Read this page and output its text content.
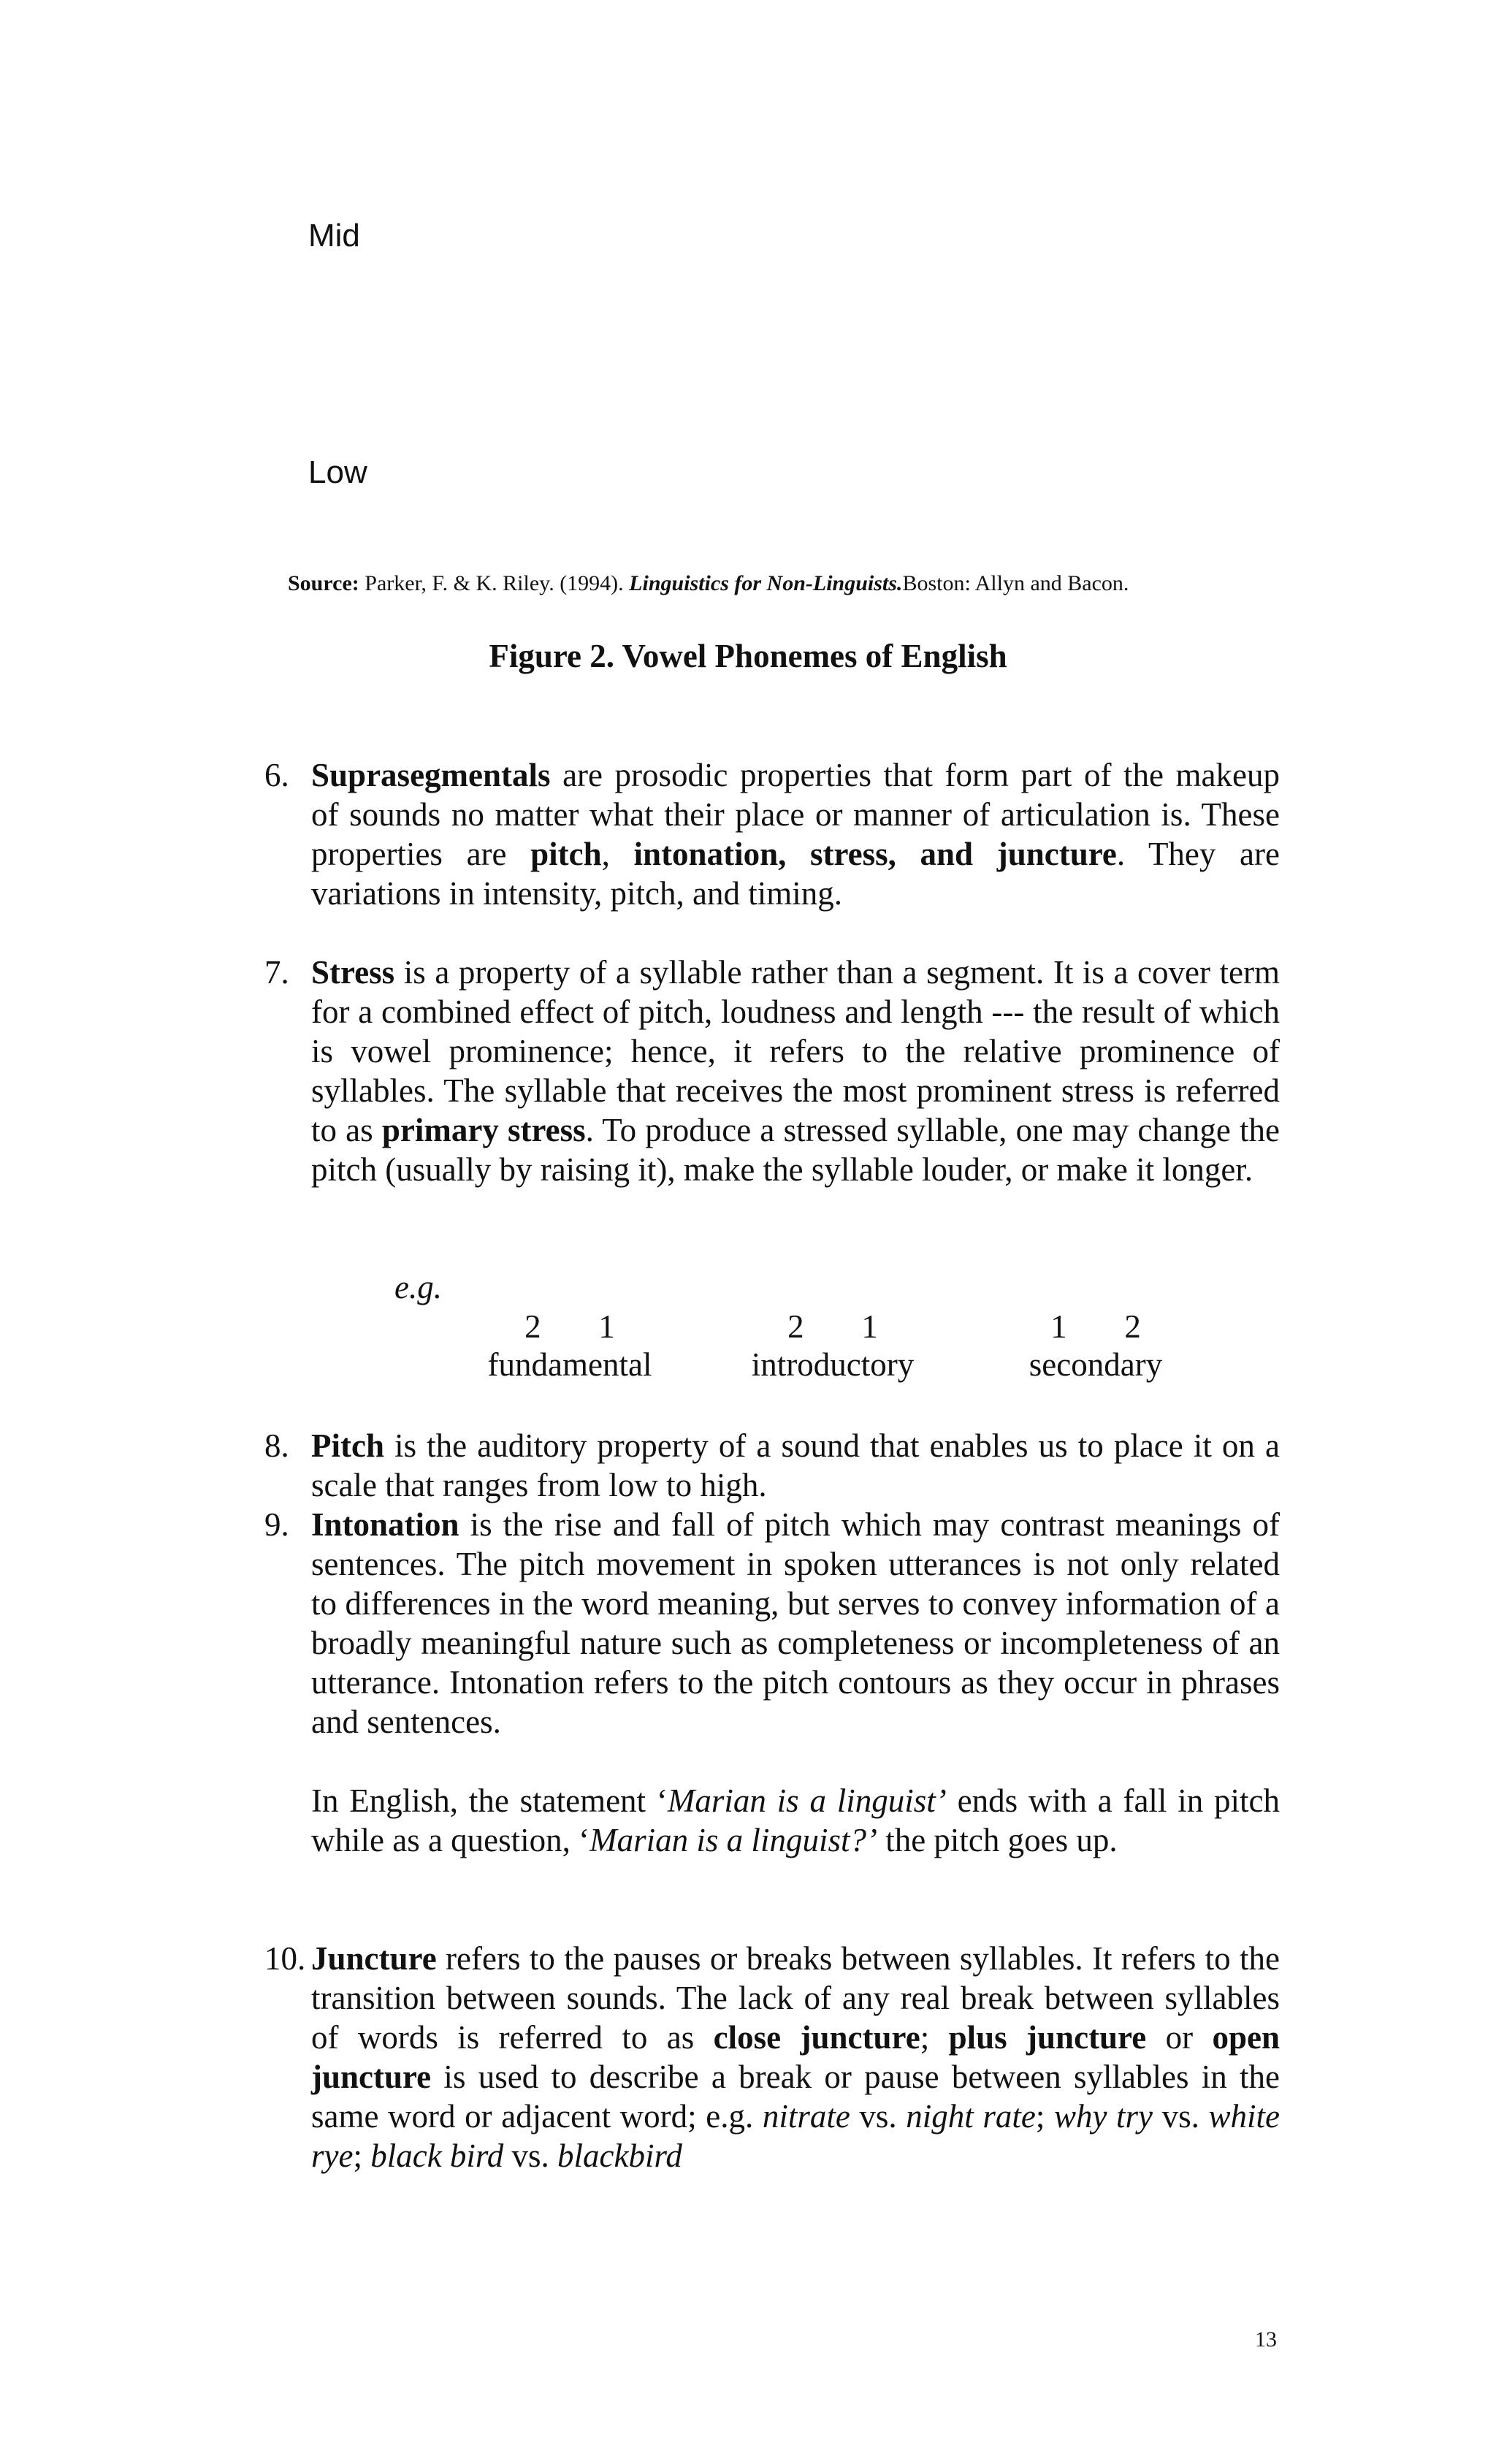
Mid
Low
Source: Parker, F. & K. Riley. (1994). Linguistics for Non-Linguists.Boston: Allyn and Bacon.
Figure 2. Vowel Phonemes of English
6. Suprasegmentals are prosodic properties that form part of the makeup of sounds no matter what their place or manner of articulation is. These properties are pitch, intonation, stress, and juncture. They are variations in intensity, pitch, and timing.
7. Stress is a property of a syllable rather than a segment. It is a cover term for a combined effect of pitch, loudness and length --- the result of which is vowel prominence; hence, it refers to the relative prominence of syllables. The syllable that receives the most prominent stress is referred to as primary stress. To produce a stressed syllable, one may change the pitch (usually by raising it), make the syllable louder, or make it longer.
e.g.
2       1
fundamental
2       1
introductory
1       2
secondary
8. Pitch is the auditory property of a sound that enables us to place it on a scale that ranges from low to high.
9. Intonation is the rise and fall of pitch which may contrast meanings of sentences. The pitch movement in spoken utterances is not only related to differences in the word meaning, but serves to convey information of a broadly meaningful nature such as completeness or incompleteness of an utterance. Intonation refers to the pitch contours as they occur in phrases and sentences.
In English, the statement ‘Marian is a linguist’ ends with a fall in pitch while as a question, ‘Marian is a linguist?’ the pitch goes up.
10. Juncture refers to the pauses or breaks between syllables. It refers to the transition between sounds. The lack of any real break between syllables of words is referred to as close juncture; plus juncture or open juncture is used to describe a break or pause between syllables in the same word or adjacent word; e.g. nitrate vs. night rate; why try vs. white rye; black bird vs. blackbird
13
